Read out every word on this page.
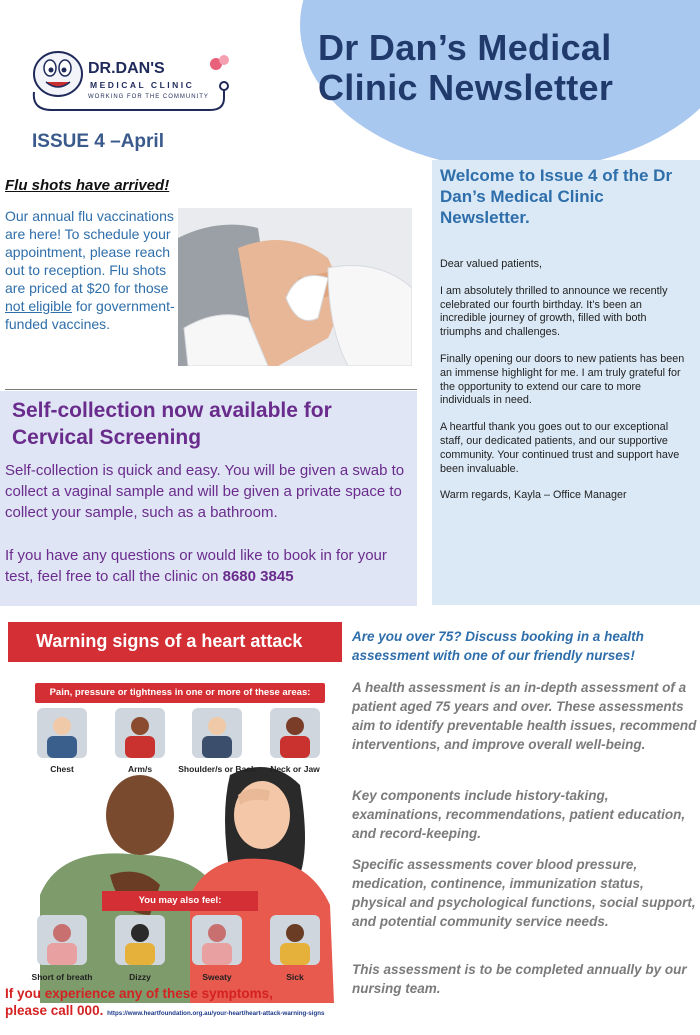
Dr Dan’s Medical
Clinic Newsletter
DR.DAN'S
MEDICAL CLINIC
WORKING FOR THE COMMUNITY
ISSUE 4 –April
Flu shots have arrived!
Our annual flu vaccinations are here! To schedule your appointment, please reach out to reception. Flu shots are priced at $20 for those not eligible for government-funded vaccines.
Self-collection now available for Cervical Screening
Self-collection is quick and easy. You will be given a swab to collect a vaginal sample and will be given a private space to collect your sample, such as a bathroom.
If you have any questions or would like to book in for your test, feel free to call the clinic on 8680 3845
Welcome to Issue 4 of the Dr Dan’s Medical Clinic Newsletter.

Dear valued patients,

I am absolutely thrilled to announce we recently celebrated our fourth birthday. It’s been an incredible journey of growth, filled with both triumphs and challenges.

Finally opening our doors to new patients has been an immense highlight for me. I am truly grateful for the opportunity to extend our care to more individuals in need.

A heartful thank you goes out to our exceptional staff, our dedicated patients, and our supportive community. Your continued trust and support have been invaluable.

Warm regards, Kayla – Office Manager

Warning signs of a heart attack
Pain, pressure or tightness in one or more of these areas:
Chest	Arm/s	Shoulder/s or Back	Neck or Jaw
You may also feel:
Short of breath	Dizzy	Sweaty	Sick
If you experience any of these symptoms,
please call 000. https://www.heartfoundation.org.au/your-heart/heart-attack-warning-signs
Are you over 75? Discuss booking in a health assessment with one of our friendly nurses!
A health assessment is an in-depth assessment of a patient aged 75 years and over. These assessments aim to identify preventable health issues, recommend interventions, and improve overall well-being.
Key components include history-taking, examinations, recommendations, patient education, and record-keeping.
Specific assessments cover blood pressure, medication, continence, immunization status, physical and psychological functions, social support, and potential community service needs.
This assessment is to be completed annually by our nursing team.
